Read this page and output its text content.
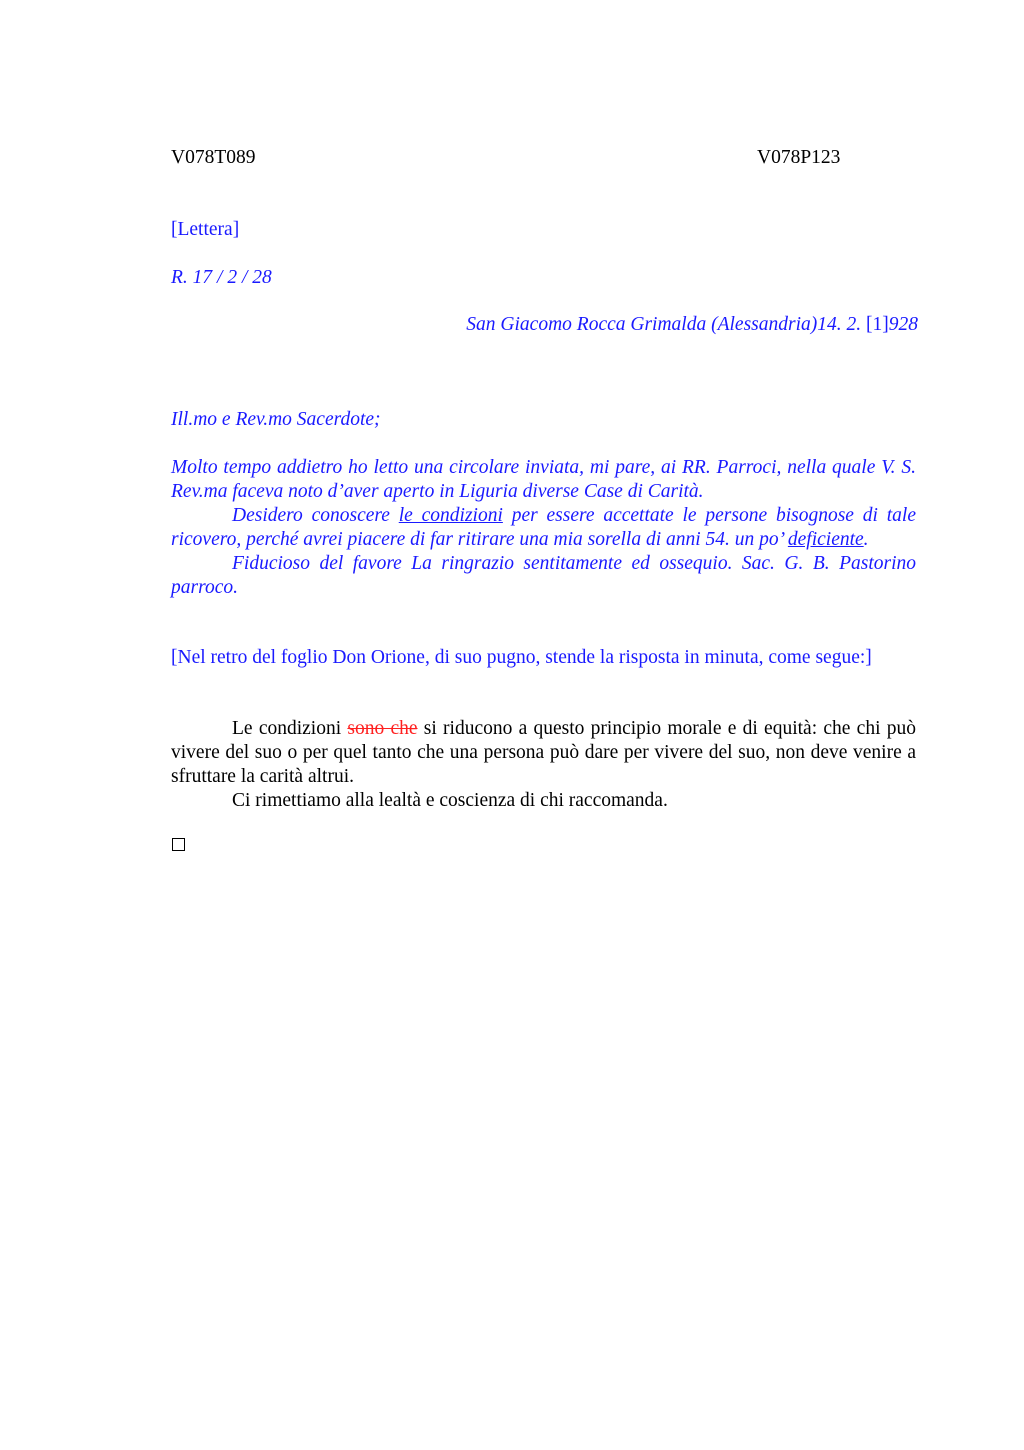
V078T089	V078P123
[Lettera]
R. 17 / 2 / 28
San Giacomo Rocca Grimalda (Alessandria)14. 2. [1]928
Ill.mo e Rev.mo Sacerdote;

Molto tempo addietro ho letto una circolare inviata, mi pare, ai RR. Parroci, nella quale V. S. Rev.ma faceva noto d’aver aperto in Liguria diverse Case di Carità.

Desidero conoscere le condizioni per essere accettate le persone bisognose di tale ricovero, perché avrei piacere di far ritirare una mia sorella di anni 54. un po’ deficiente.

Fiducioso del favore La ringrazio sentitamente ed ossequio. Sac. G. B. Pastorino parroco.

[Nel retro del foglio Don Orione, di suo pugno, stende la risposta in minuta, come segue:]

Le condizioni sono che si riducono a questo principio morale e di equità: che chi può vivere del suo o per quel tanto che una persona può dare per vivere del suo, non deve venire a sfruttare la carità altrui.

Ci rimettiamo alla lealtà e coscienza di chi raccomanda.
